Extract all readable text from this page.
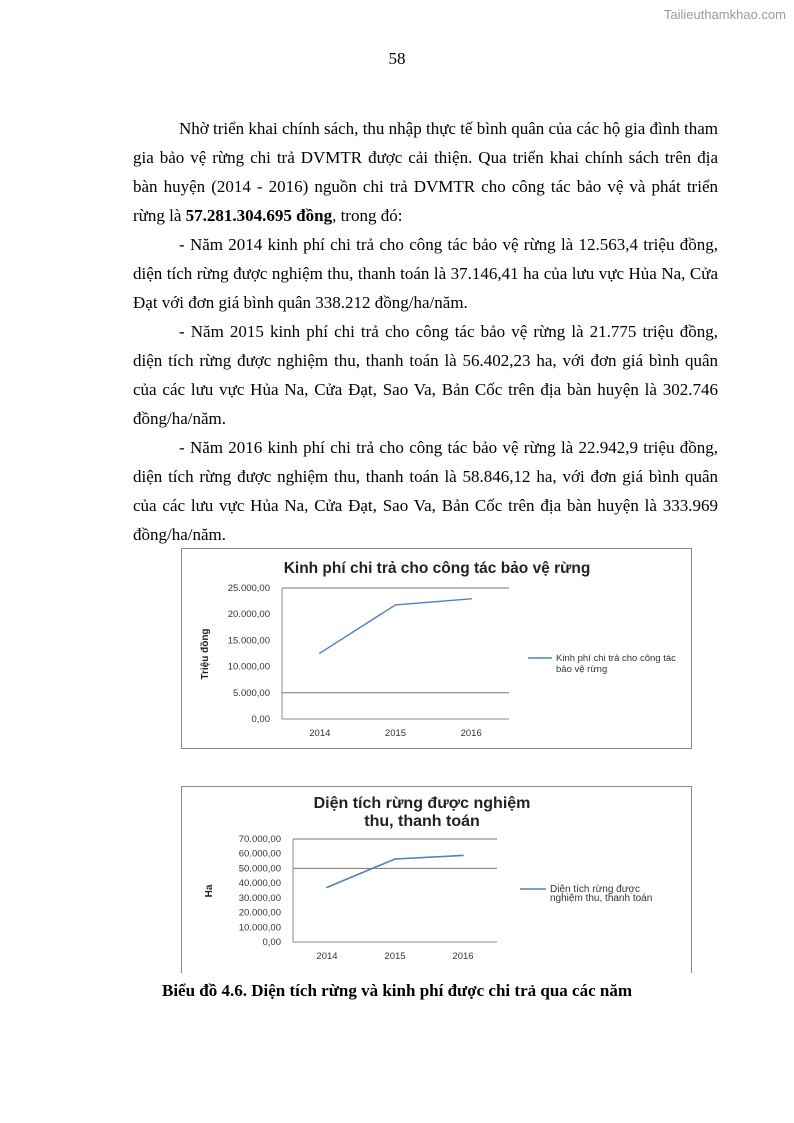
Tailieuthamkhao.com
58

Nhờ triển khai chính sách, thu nhập thực tế bình quân của các hộ gia đình tham gia bảo vệ rừng chi trả DVMTR được cải thiện. Qua triển khai chính sách trên địa bàn huyện (2014 - 2016) nguồn chi trả DVMTR cho công tác bảo vệ và phát triển rừng là 57.281.304.695 đồng, trong đó:

- Năm 2014 kinh phí chi trả cho công tác bảo vệ rừng là 12.563,4 triệu đồng, diện tích rừng được nghiệm thu, thanh toán là 37.146,41 ha của lưu vực Hủa Na, Cửa Đạt với đơn giá bình quân 338.212 đồng/ha/năm.

- Năm 2015 kinh phí chi trả cho công tác bảo vệ rừng là 21.775 triệu đồng, diện tích rừng được nghiệm thu, thanh toán là 56.402,23 ha, với đơn giá bình quân của các lưu vực Hủa Na, Cửa Đạt, Sao Va, Bản Cốc trên địa bàn huyện là 302.746 đồng/ha/năm.

- Năm 2016 kinh phí chi trả cho công tác bảo vệ rừng là 22.942,9 triệu đồng, diện tích rừng được nghiệm thu, thanh toán là 58.846,12 ha, với đơn giá bình quân của các lưu vực Hủa Na, Cửa Đạt, Sao Va, Bản Cốc trên địa bàn huyện là 333.969 đồng/ha/năm.

Kinh phí chi trả cho công tác bảo vệ rừng
0,00
5.000,00
10.000,00
15.000,00
20.000,00
25.000,00
2014	2015	2016
Triệu đồng	Kinh phí chi trả cho công tác
bảo vệ rừng
Diện tích rừng được nghiệm
thu, thanh toán
0,00
10.000,00
20.000,00
30.000,00
40.000,00
50.000,00
60.000,00
70.000,00
2014	2015	2016
Ha	Diện tích rừng được
nghiệm thu, thanh toán
Biểu đồ 4.6. Diện tích rừng và kinh phí được chi trả qua các năm
